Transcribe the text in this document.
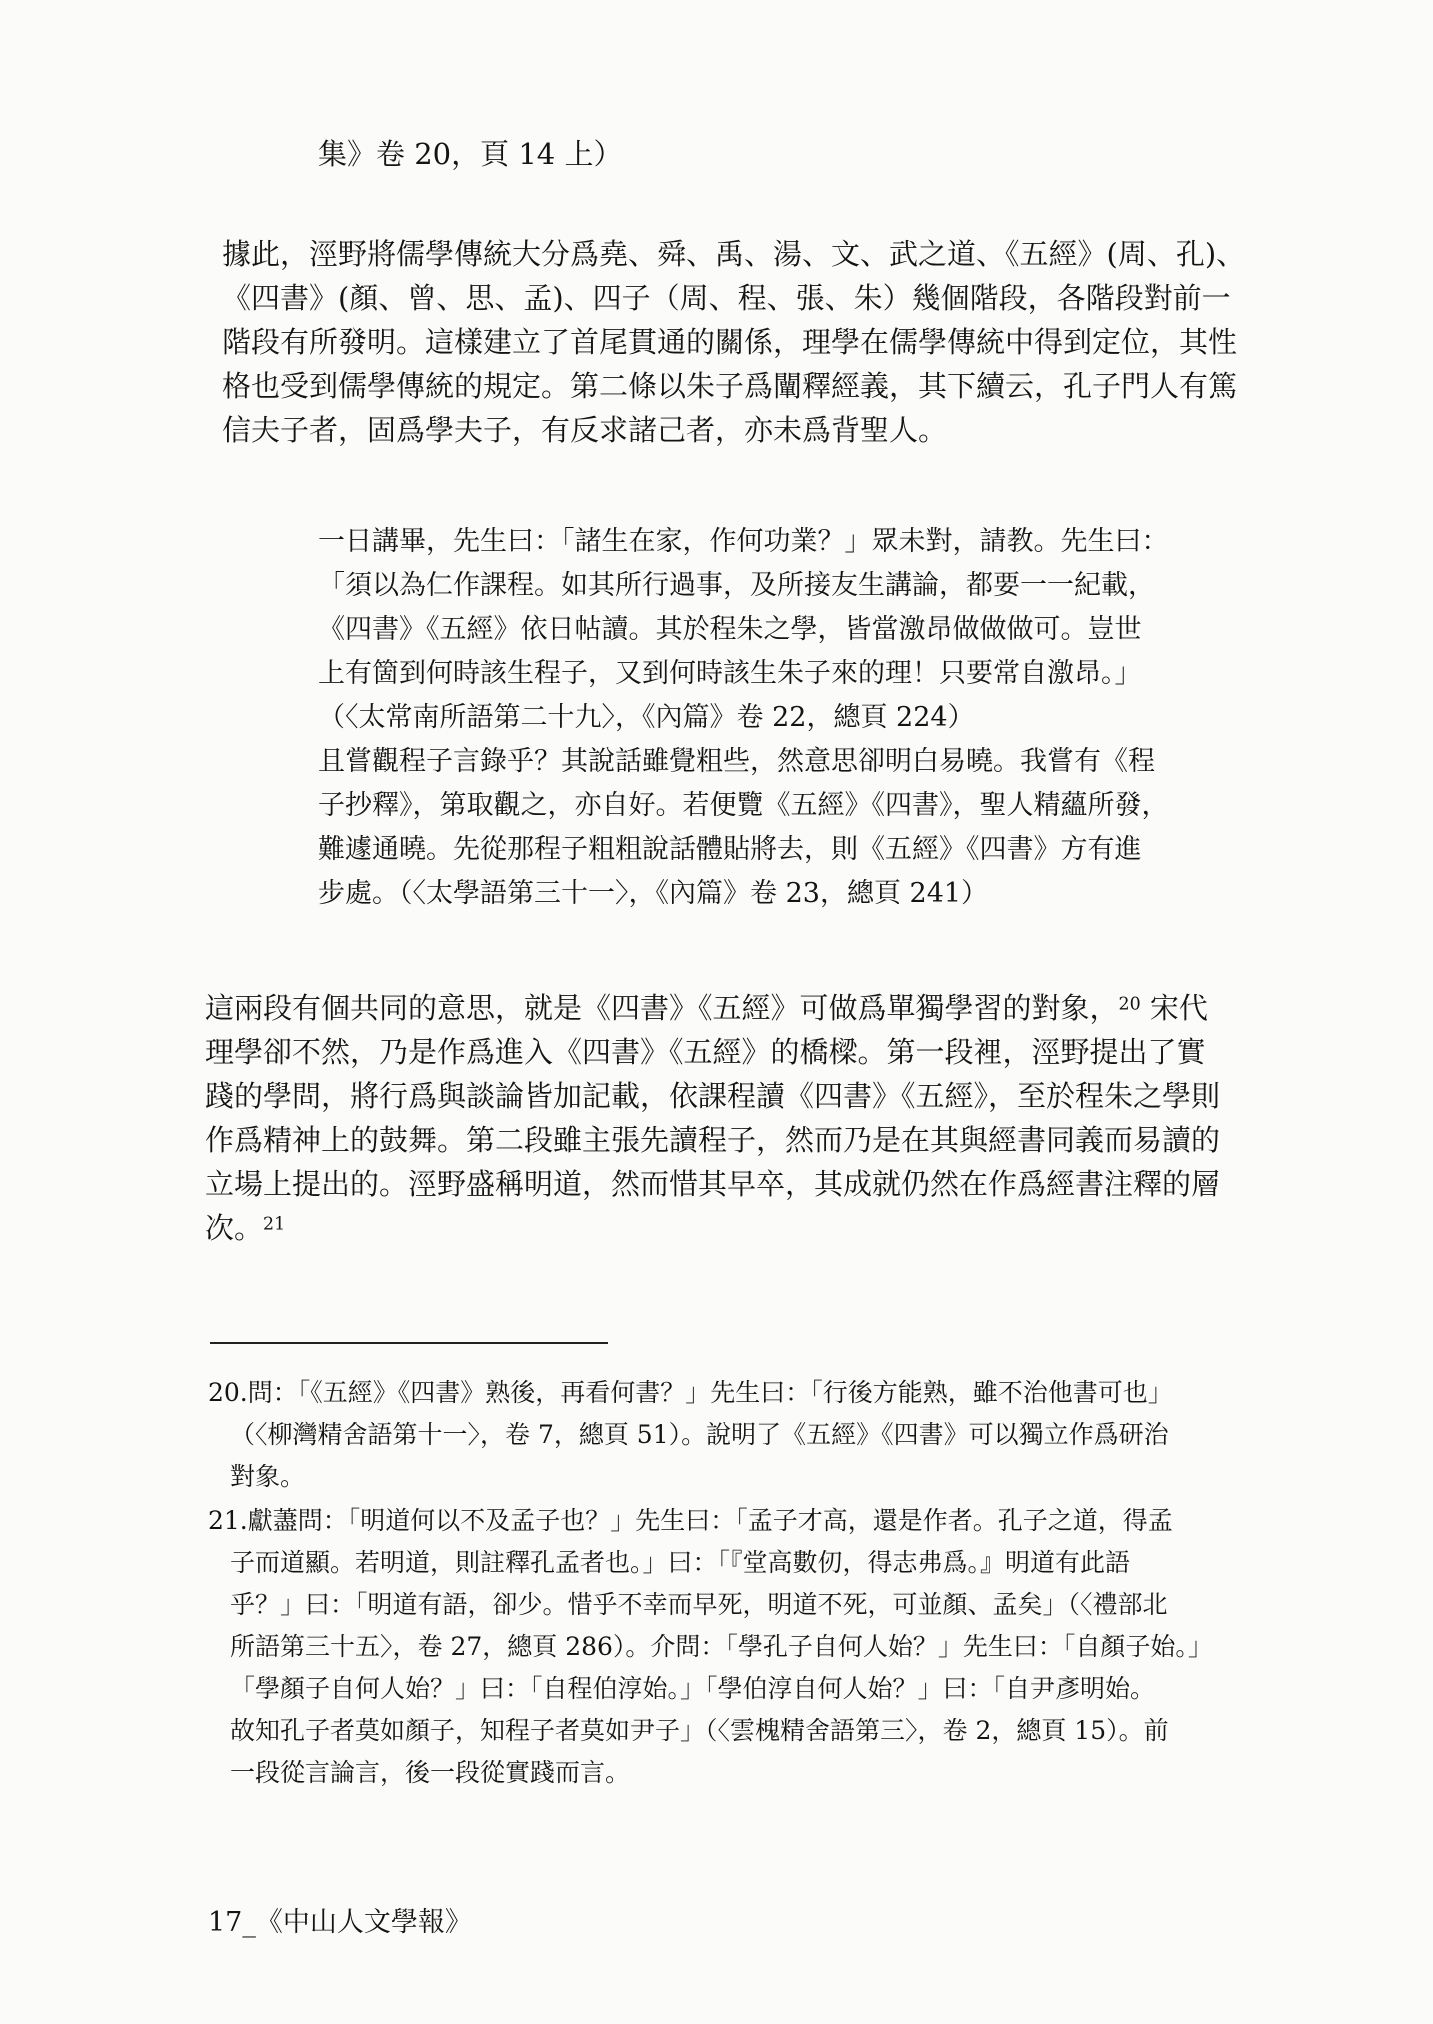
集》卷 20，頁 14 上）
據此，涇野將儒學傳統大分爲堯、舜、禹、湯、文、武之道、《五經》(周、孔)、
《四書》(顏、曾、思、孟)、四子（周、程、張、朱）幾個階段，各階段對前一
階段有所發明。這樣建立了首尾貫通的關係，理學在儒學傳統中得到定位，其性
格也受到儒學傳統的規定。第二條以朱子爲闡釋經義，其下續云，孔子門人有篤
信夫子者，固爲學夫子，有反求諸己者，亦未爲背聖人。
一日講畢，先生曰：「諸生在家，作何功業？」眾未對，請教。先生曰：
「須以為仁作課程。如其所行過事，及所接友生講論，都要一一紀載，
《四書》《五經》依日帖讀。其於程朱之學，皆當激昂做做做可。豈世
上有箇到何時該生程子，又到何時該生朱子來的理！只要常自激昂。」
（〈太常南所語第二十九〉，《內篇》卷 22，總頁 224）
且嘗觀程子言錄乎？其說話雖覺粗些，然意思卻明白易曉。我嘗有《程
子抄釋》，第取觀之，亦自好。若便覽《五經》《四書》，聖人精蘊所發，
難遽通曉。先從那程子粗粗說話體貼將去，則《五經》《四書》方有進
步處。（〈太學語第三十一〉，《內篇》卷 23，總頁 241）
這兩段有個共同的意思，就是《四書》《五經》可做爲單獨學習的對象，$^{20}$ 宋代
理學卻不然，乃是作爲進入《四書》《五經》的橋樑。第一段裡，涇野提出了實
踐的學問，將行爲與談論皆加記載，依課程讀《四書》《五經》，至於程朱之學則
作爲精神上的鼓舞。第二段雖主張先讀程子，然而乃是在其與經書同義而易讀的
立場上提出的。涇野盛稱明道，然而惜其早卒，其成就仍然在作爲經書注釋的層
次。$^{21}$
20.問：「《五經》《四書》熟後，再看何書？」先生曰：「行後方能熟，雖不治他書可也」
（〈柳灣精舍語第十一〉，卷 7，總頁 51）。說明了《五經》《四書》可以獨立作爲研治
對象。
21.獻藎問：「明道何以不及孟子也？」先生曰：「孟子才高，還是作者。孔子之道，得孟
子而道顯。若明道，則註釋孔孟者也。」曰：「『堂高數仞，得志弗爲。』明道有此語
乎？」曰：「明道有語，卻少。惜乎不幸而早死，明道不死，可並顏、孟矣」（〈禮部北
所語第三十五〉，卷 27，總頁 286）。介問：「學孔子自何人始？」先生曰：「自顏子始。」
「學顏子自何人始？」曰：「自程伯淳始。」「學伯淳自何人始？」曰：「自尹彥明始。
故知孔子者莫如顏子，知程子者莫如尹子」（〈雲槐精舍語第三〉，卷 2，總頁 15）。前
一段從言論言，後一段從實踐而言。
17_《中山人文學報》
